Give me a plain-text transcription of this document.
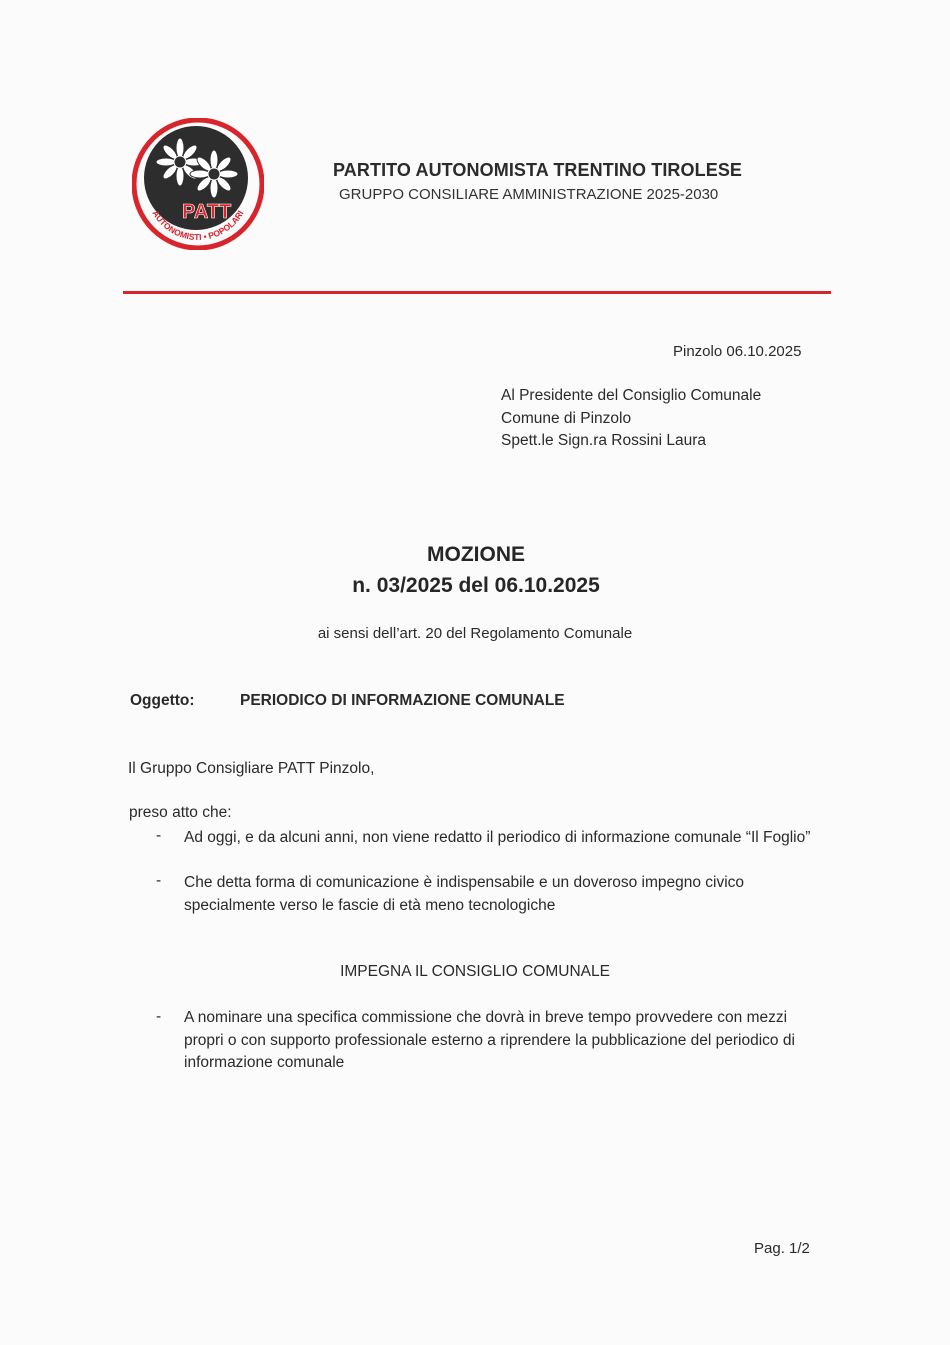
PATT
AUTONOMISTI • POPOLARI
PARTITO AUTONOMISTA TRENTINO TIROLESE
GRUPPO CONSILIARE AMMINISTRAZIONE 2025-2030
Pinzolo 06.10.2025
Al Presidente del Consiglio Comunale
Comune di Pinzolo
Spett.le Sign.ra Rossini Laura
MOZIONE
n. 03/2025 del 06.10.2025
ai sensi dell’art. 20 del Regolamento Comunale
Oggetto:	PERIODICO DI INFORMAZIONE COMUNALE
Il Gruppo Consigliare PATT Pinzolo,
preso atto che:
- Ad oggi, e da alcuni anni, non viene redatto il periodico di informazione comunale “Il Foglio”
- Che detta forma di comunicazione è indispensabile e un doveroso impegno civico specialmente verso le fascie di età meno tecnologiche
IMPEGNA IL CONSIGLIO COMUNALE
- A nominare una specifica commissione che dovrà in breve tempo provvedere con mezzi propri o con supporto professionale esterno a riprendere la pubblicazione del periodico di informazione comunale
Pag. 1/2
